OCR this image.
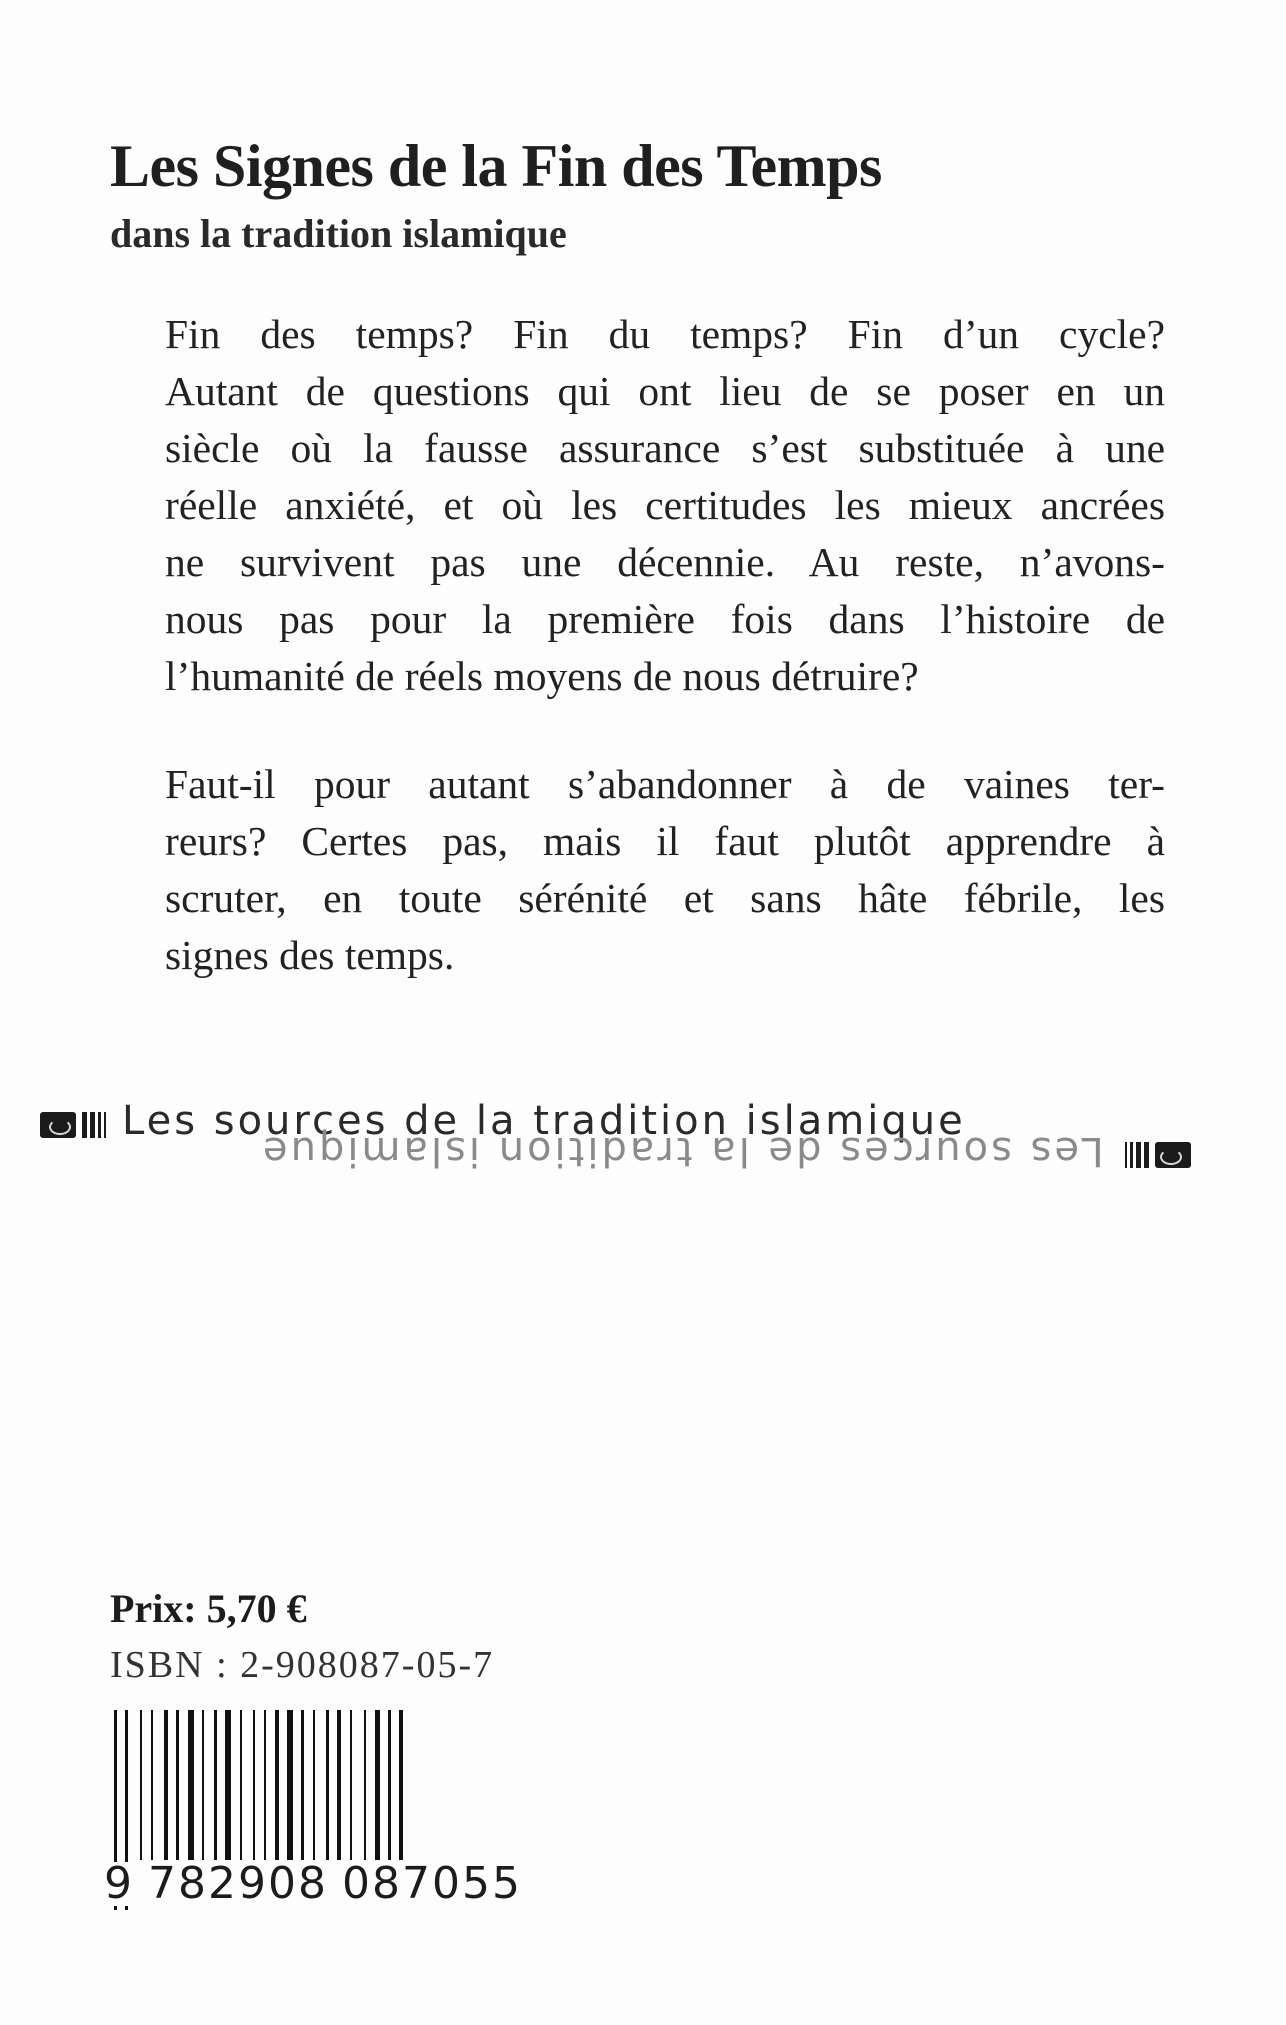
Les Signes de la Fin des Temps
dans la tradition islamique
Fin des temps? Fin du temps? Fin d’un cycle?
Autant de questions qui ont lieu de se poser en un
siècle où la fausse assurance s’est substituée à une
réelle anxiété, et où les certitudes les mieux ancrées
ne survivent pas une décennie. Au reste, n’avons-
nous pas pour la première fois dans l’histoire de
l’humanité de réels moyens de nous détruire?
Faut-il pour autant s’abandonner à de vaines ter-
reurs? Certes pas, mais il faut plutôt apprendre à
scruter, en toute sérénité et sans hâte fébrile, les
signes des temps.
Les sources de la tradition islamique
Les sources de la tradition islamique
Prix: 5,70 €
ISBN : 2-908087-05-7
9 782908 087055
